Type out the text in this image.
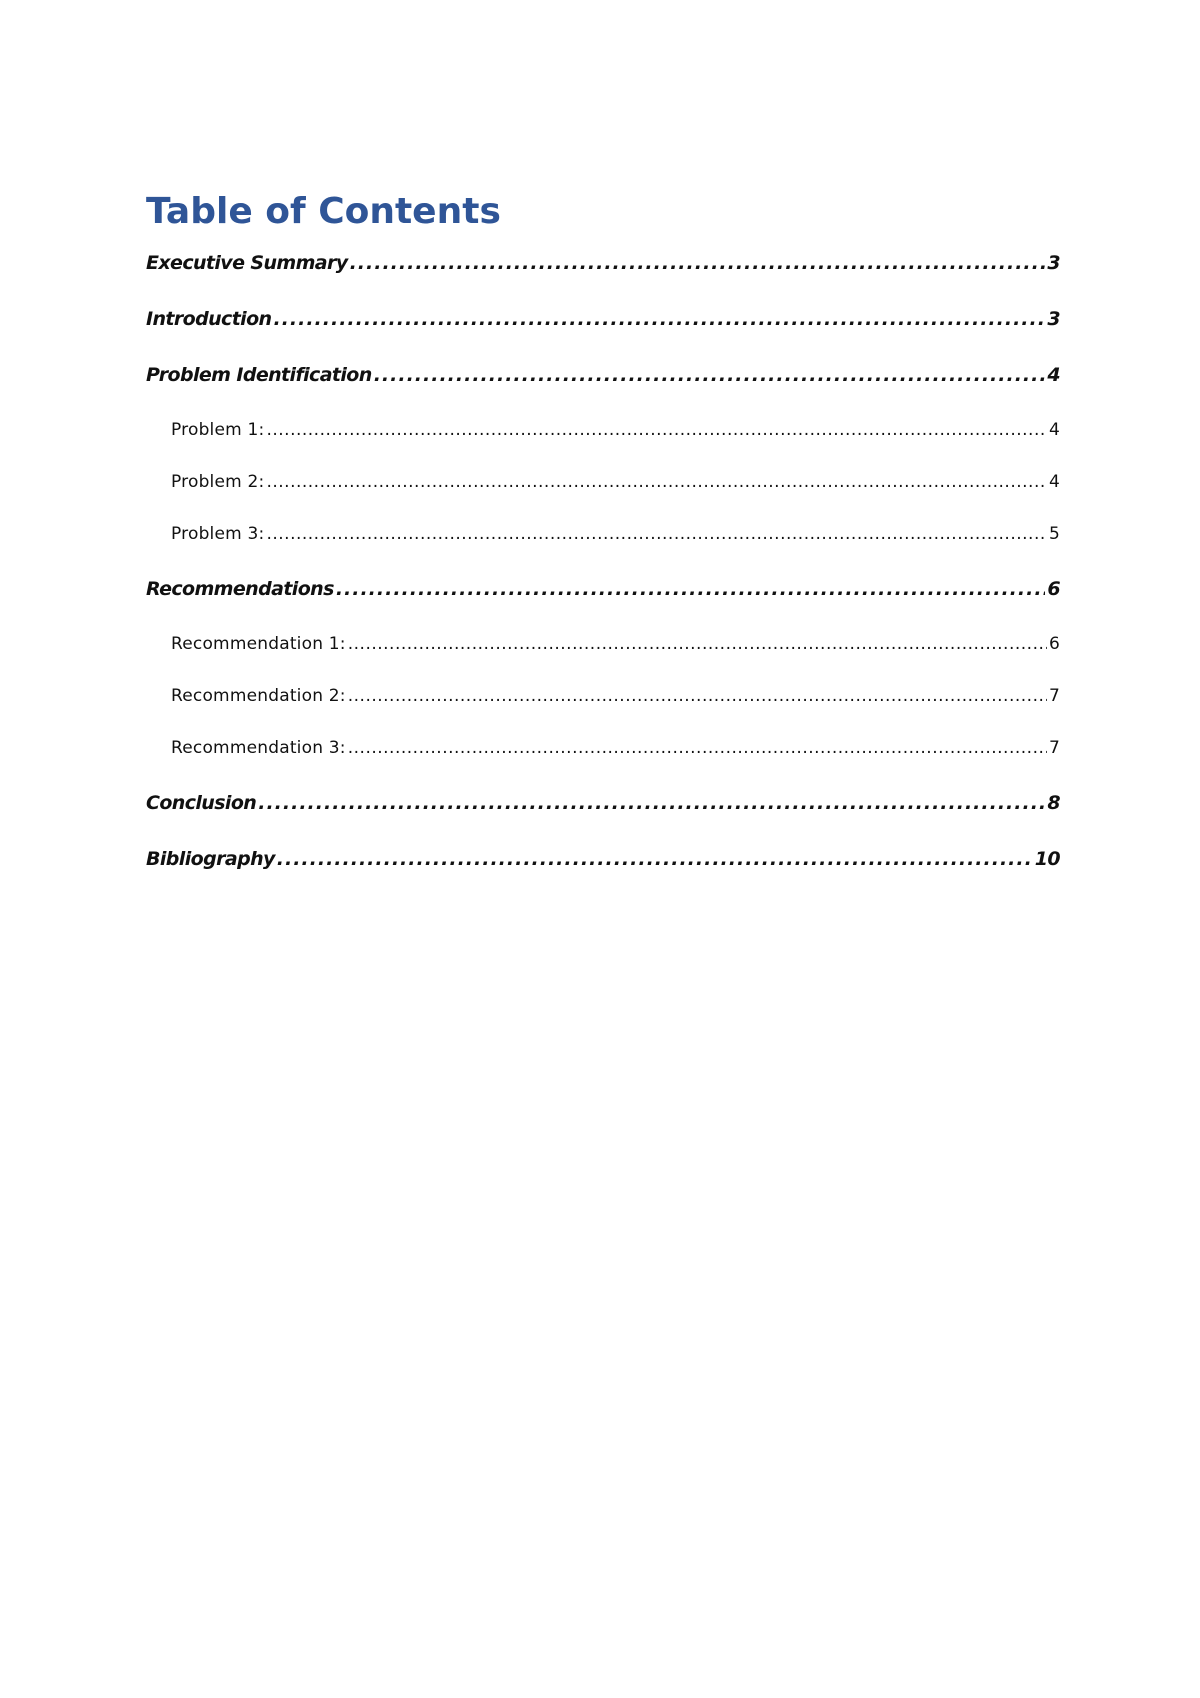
Table of Contents
Executive Summary .....	3
Introduction .....	3
Problem Identification .....	4
Problem 1: .....	4
Problem 2: .....	4
Problem 3: .....	5
Recommendations .....	6
Recommendation 1: .....	6
Recommendation 2: .....	7
Recommendation 3: .....	7
Conclusion .....	8
Bibliography .....	10
